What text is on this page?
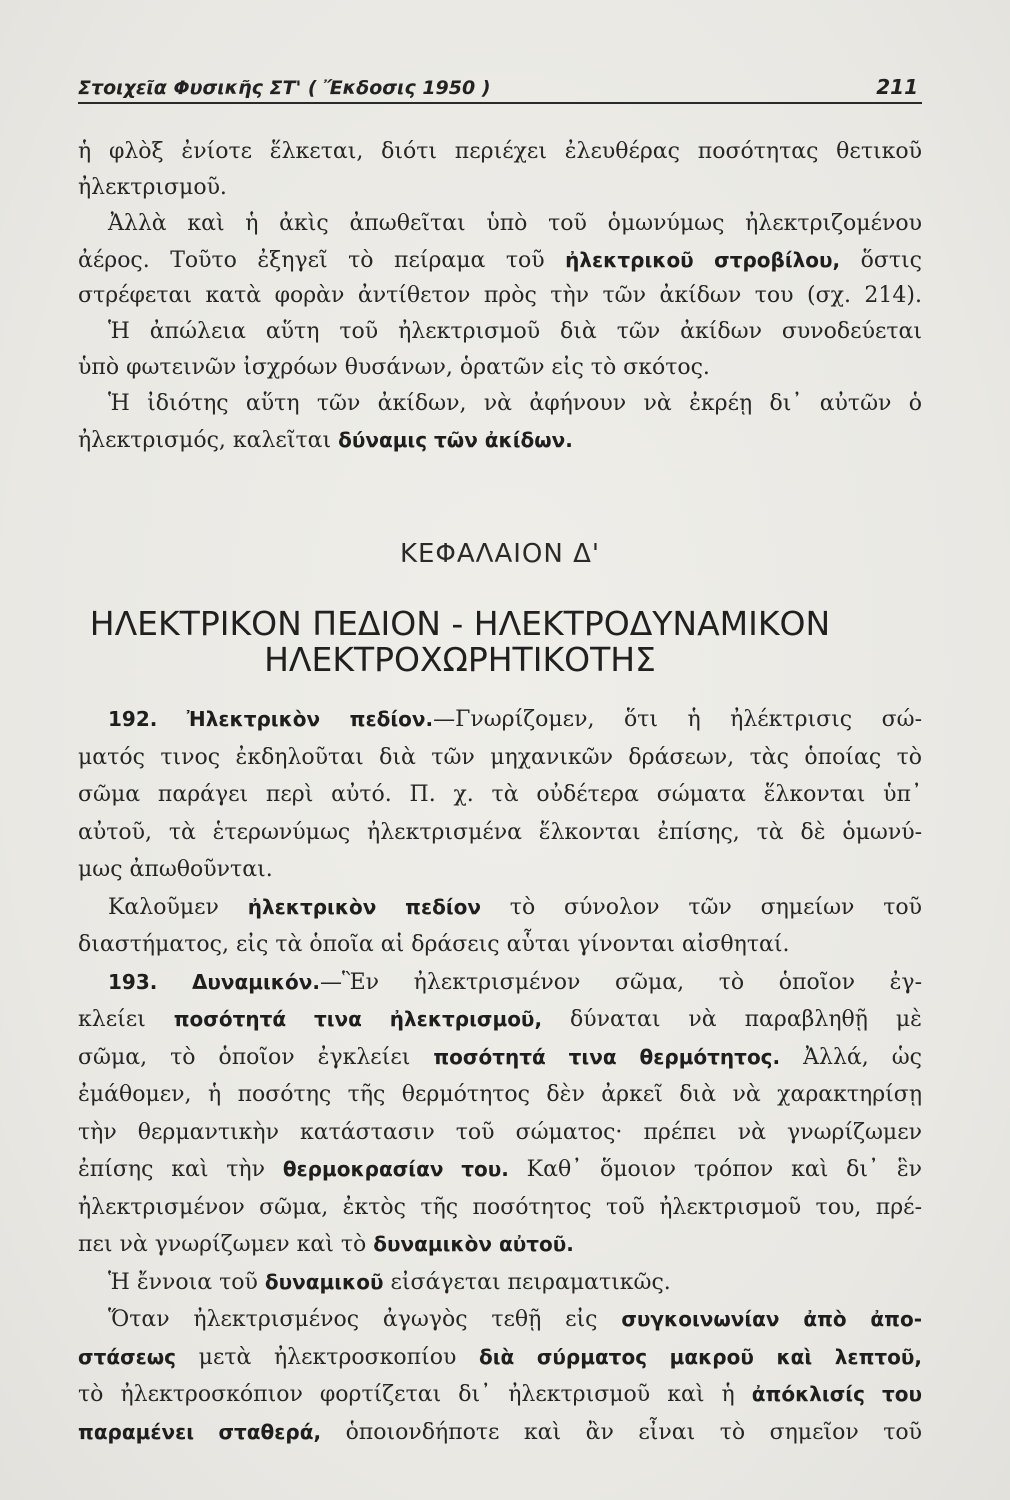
Στοιχεῖα Φυσικῆς ΣΤ' ( Ἔκδοσις 1950 )	211
ἡ φλὸξ ἐνίοτε ἕλκεται, διότι περιέχει ἐλευθέρας ποσότητας θετικοῦ
ἠλεκτρισμοῦ.
Ἀλλὰ καὶ ἡ ἀκὶς ἀπωθεῖται ὑπὸ τοῦ ὁμωνύμως ἠλεκτριζομένου
ἀέρος. Τοῦτο ἐξηγεῖ τὸ πείραμα τοῦ ἠλεκτρικοῦ στροβίλου, ὅστις
στρέφεται κατὰ φορὰν ἀντίθετον πρὸς τὴν τῶν ἀκίδων του (σχ. 214).
Ἡ ἀπώλεια αὕτη τοῦ ἠλεκτρισμοῦ διὰ τῶν ἀκίδων συνοδεύεται
ὑπὸ φωτεινῶν ἰσχρόων θυσάνων, ὁρατῶν εἰς τὸ σκότος.
Ἡ ἰδιότης αὕτη τῶν ἀκίδων, νὰ ἀφήνουν νὰ ἐκρέῃ δι᾿ αὐτῶν ὁ
ἠλεκτρισμός, καλεῖται δύναμις τῶν ἀκίδων.
ΚΕΦΑΛΑΙΟΝ Δ'
ΗΛΕΚΤΡΙΚΟΝ ΠΕΔΙΟΝ - ΗΛΕΚΤΡΟΔΥΝΑΜΙΚΟΝ
ΗΛΕΚΤΡΟΧΩΡΗΤΙΚΟΤΗΣ
192. Ἠλεκτρικὸν πεδίον.—Γνωρίζομεν, ὅτι ἡ ἠλέκτρισις σώ-
ματός τινος ἐκδηλοῦται διὰ τῶν μηχανικῶν δράσεων, τὰς ὁποίας τὸ
σῶμα παράγει περὶ αὐτό. Π. χ. τὰ οὐδέτερα σώματα ἕλκονται ὑπ᾿
αὐτοῦ, τὰ ἑτερωνύμως ἠλεκτρισμένα ἕλκονται ἐπίσης, τὰ δὲ ὁμωνύ-
μως ἀπωθοῦνται.
Καλοῦμεν ἠλεκτρικὸν πεδίον τὸ σύνολον τῶν σημείων τοῦ
διαστήματος, εἰς τὰ ὁποῖα αἱ δράσεις αὗται γίνονται αἰσθηταί.
193. Δυναμικόν.—Ἓν ἠλεκτρισμένον σῶμα, τὸ ὁποῖον ἐγ-
κλείει ποσότητά τινα ἠλεκτρισμοῦ, δύναται νὰ παραβληθῇ μὲ
σῶμα, τὸ ὁποῖον ἐγκλείει ποσότητά τινα θερμότητος. Ἀλλά, ὡς
ἐμάθομεν, ἡ ποσότης τῆς θερμότητος δὲν ἀρκεῖ διὰ νὰ χαρακτηρίσῃ
τὴν θερμαντικὴν κατάστασιν τοῦ σώματος· πρέπει νὰ γνωρίζωμεν
ἐπίσης καὶ τὴν θερμοκρασίαν του. Καθ᾿ ὅμοιον τρόπον καὶ δι᾿ ἓν
ἠλεκτρισμένον σῶμα, ἐκτὸς τῆς ποσότητος τοῦ ἠλεκτρισμοῦ του, πρέ-
πει νὰ γνωρίζωμεν καὶ τὸ δυναμικὸν αὐτοῦ.
Ἡ ἔννοια τοῦ δυναμικοῦ εἰσάγεται πειραματικῶς.
Ὅταν ἠλεκτρισμένος ἀγωγὸς τεθῇ εἰς συγκοινωνίαν ἀπὸ ἀπο-
στάσεως μετὰ ἠλεκτροσκοπίου διὰ σύρματος μακροῦ καὶ λεπτοῦ,
τὸ ἠλεκτροσκόπιον φορτίζεται δι᾿ ἠλεκτρισμοῦ καὶ ἡ ἀπόκλισίς του
παραμένει σταθερά, ὁποιονδήποτε καὶ ἂν εἶναι τὸ σημεῖον τοῦ
